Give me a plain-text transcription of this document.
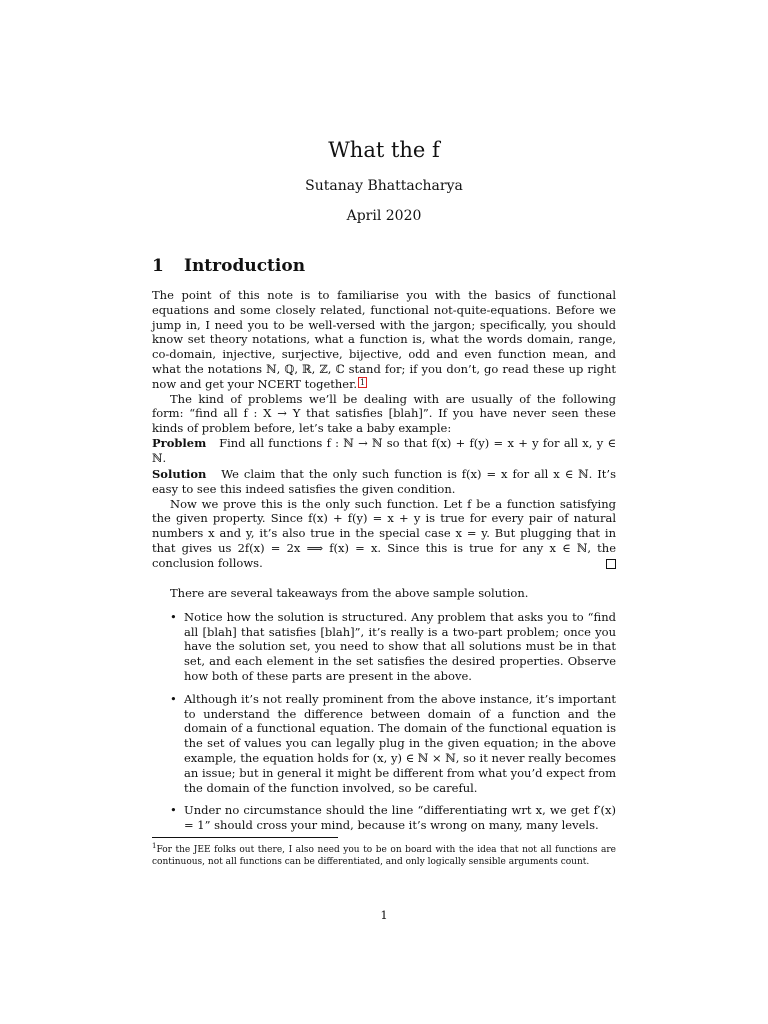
What the f
Sutanay Bhattacharya
April 2020
1 Introduction
The point of this note is to familiarise you with the basics of functional equations and some closely related, functional not-quite-equations. Before we jump in, I need you to be well-versed with the jargon; specifically, you should know set theory notations, what a function is, what the words domain, range, co-domain, injective, surjective, bijective, odd and even function mean, and what the notations ℕ, ℚ, ℝ, ℤ, ℂ stand for; if you don’t, go read these up right now and get your NCERT together. 1
The kind of problems we’ll be dealing with are usually of the following form: “find all f : X → Y that satisfies [blah]”. If you have never seen these kinds of problem before, let’s take a baby example:
Problem Find all functions f : ℕ → ℕ so that f(x) + f(y) = x + y for all x, y ∈ ℕ.
Solution We claim that the only such function is f(x) = x for all x ∈ ℕ. It’s easy to see this indeed satisfies the given condition.
Now we prove this is the only such function. Let f be a function satisfying the given property. Since f(x) + f(y) = x + y is true for every pair of natural numbers x and y, it’s also true in the special case x = y. But plugging that in that gives us 2f(x) = 2x ⟹ f(x) = x. Since this is true for any x ∈ ℕ, the conclusion follows.
There are several takeaways from the above sample solution.
• Notice how the solution is structured. Any problem that asks you to “find all [blah] that satisfies [blah]”, it’s really is a two-part problem; once you have the solution set, you need to show that all solutions must be in that set, and each element in the set satisfies the desired properties. Observe how both of these parts are present in the above.
• Although it’s not really prominent from the above instance, it’s important to understand the difference between domain of a function and the domain of a functional equation. The domain of the functional equation is the set of values you can legally plug in the given equation; in the above example, the equation holds for (x, y) ∈ ℕ × ℕ, so it never really becomes an issue; but in general it might be different from what you’d expect from the domain of the function involved, so be careful.
• Under no circumstance should the line “differentiating wrt x, we get f′(x) = 1” should cross your mind, because it’s wrong on many, many levels.
$^1$For the JEE folks out there, I also need you to be on board with the idea that not all functions are continuous, not all functions can be differentiated, and only logically sensible arguments count.
1
